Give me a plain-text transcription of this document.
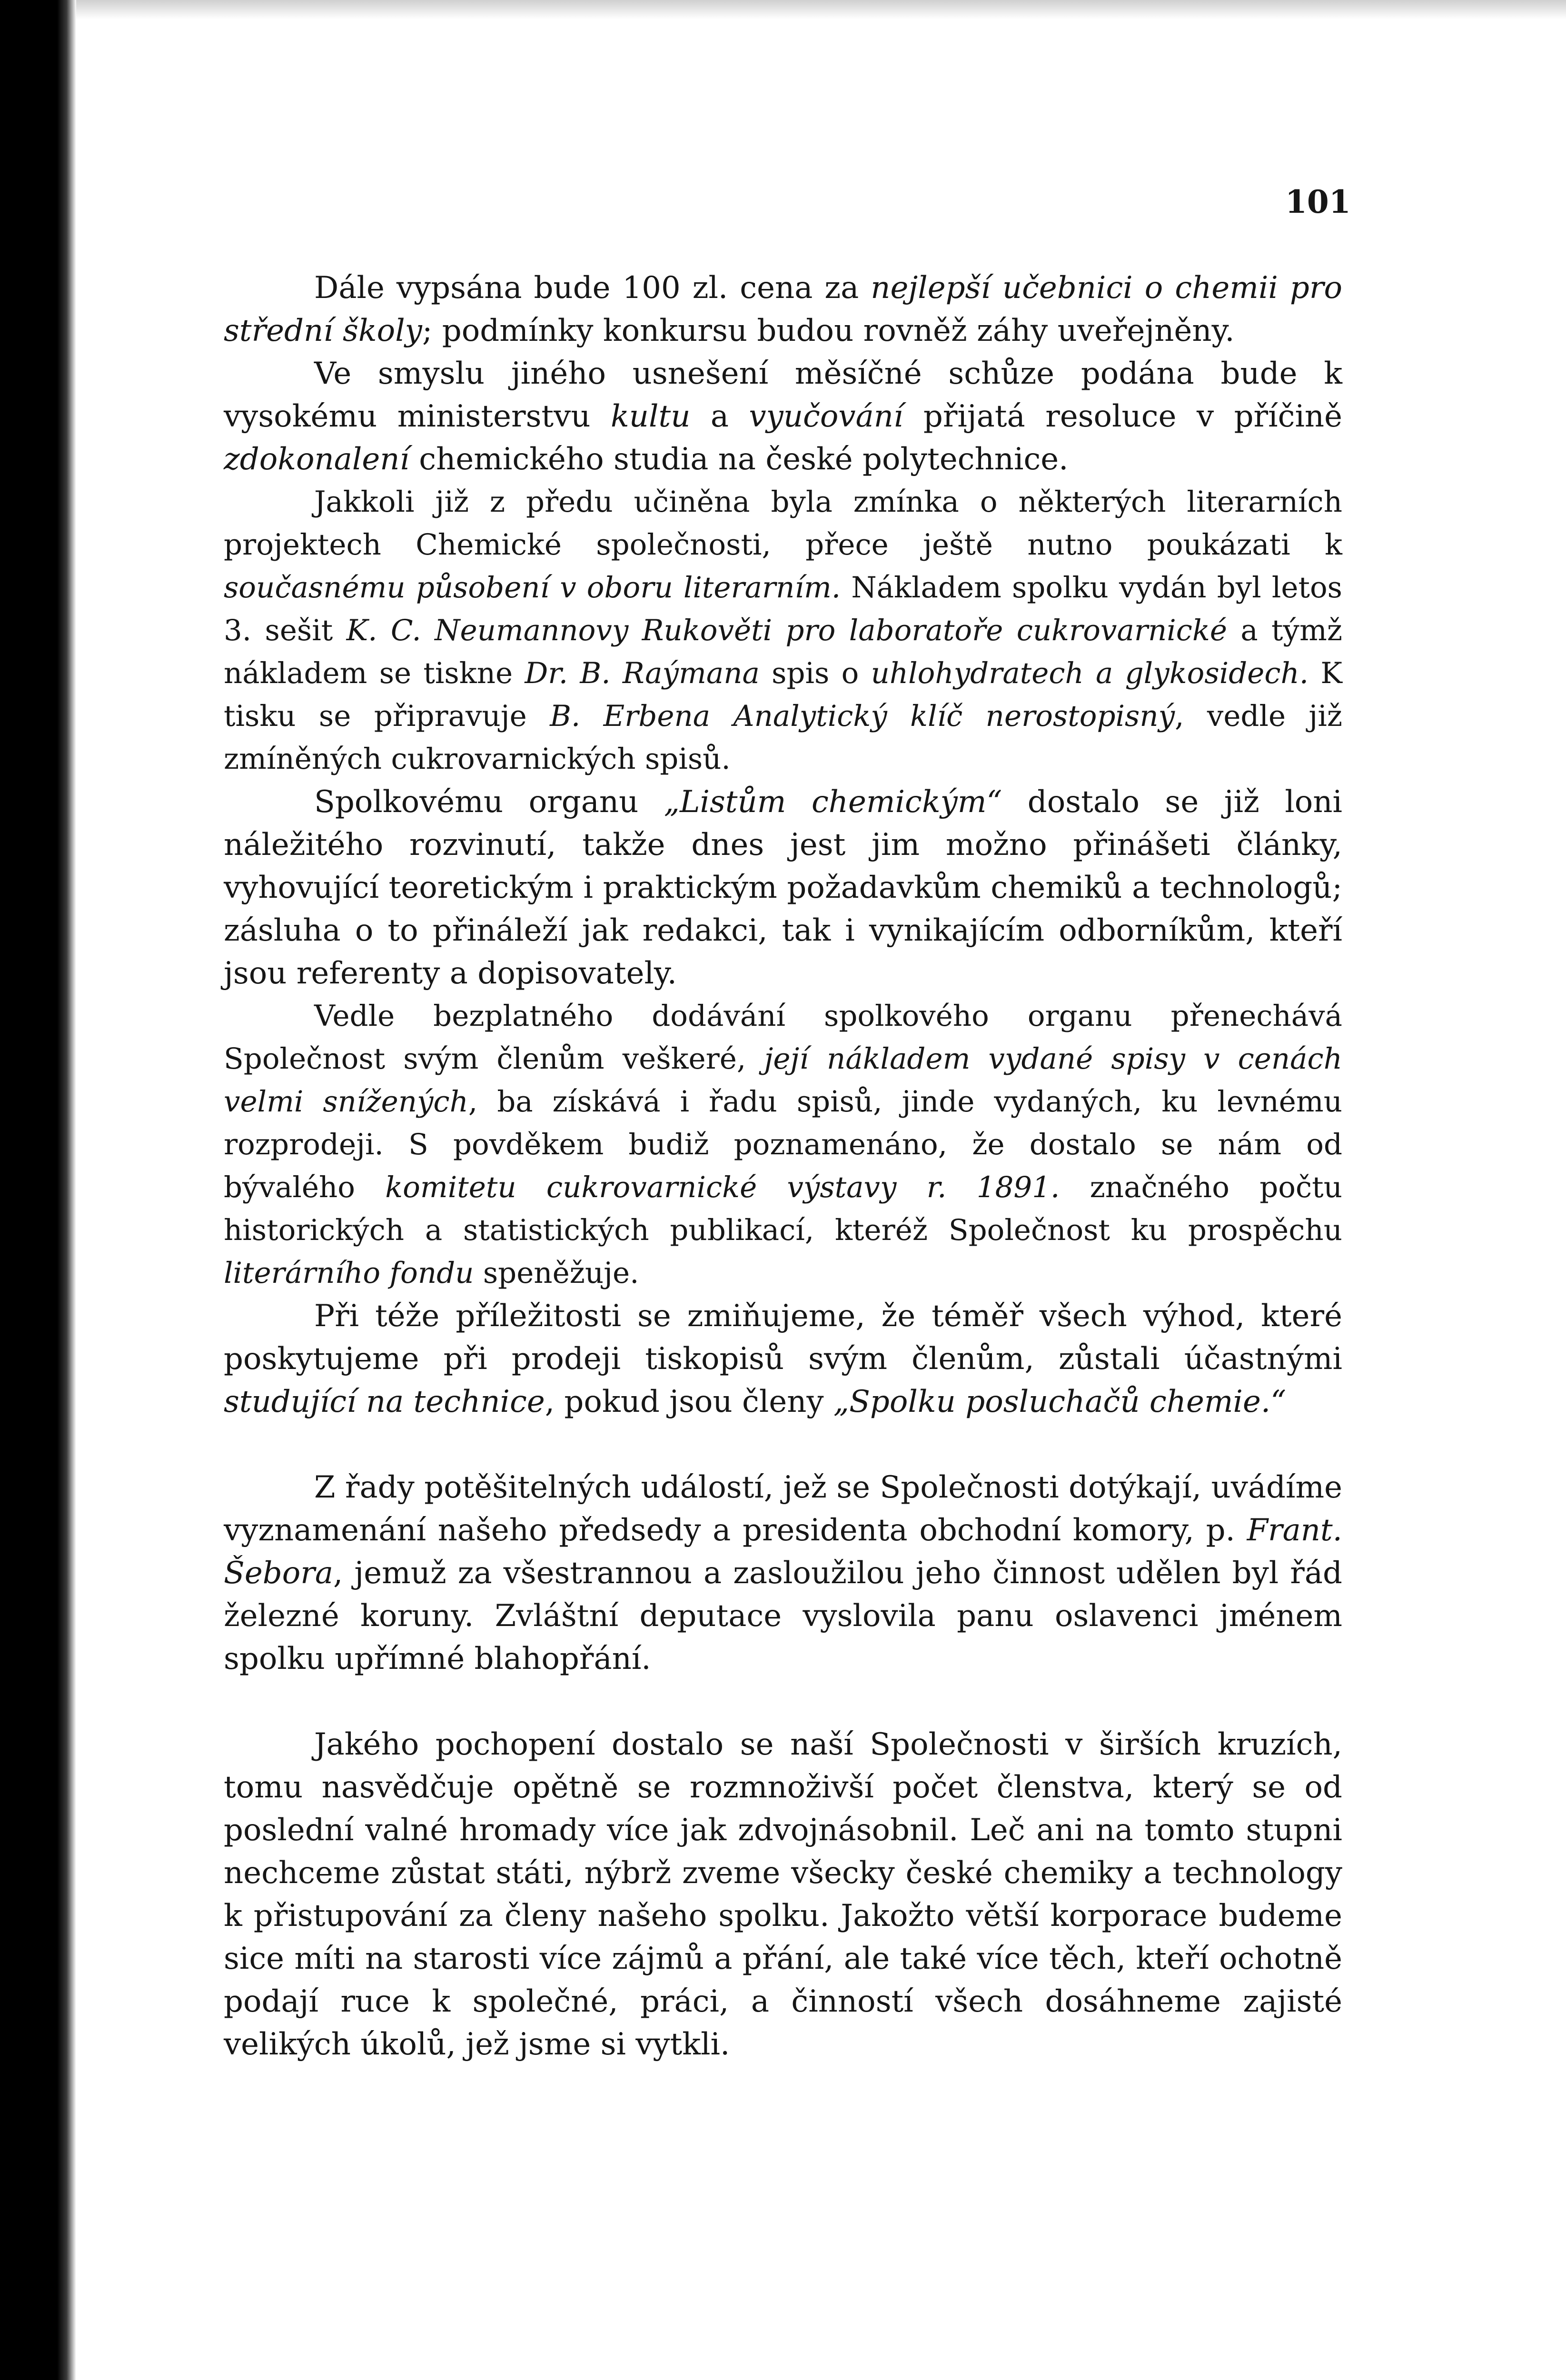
101

Dále vypsána bude 100 zl. cena za nejlepší učebnici o chemii pro střední školy; podmínky konkursu budou rovněž záhy uveřejněny.

Ve smyslu jiného usnešení měsíčné schůze podána bude k vysokému ministerstvu kultu a vyučování přijatá resoluce v příčině zdokonalení chemického studia na české polytechnice.

Jakkoli již z předu učiněna byla zmínka o některých literarních projektech Chemické společnosti, přece ještě nutno poukázati k současnému působení v oboru literarním. Nákladem spolku vydán byl letos 3. sešit K. C. Neumannovy Rukověti pro laboratoře cukrovarnické a týmž nákladem se tiskne Dr. B. Raýmana spis o uhlohydratech a glykosidech. K tisku se připravuje B. Erbena Analytický klíč nerostopisný, vedle již zmíněných cukrovarnických spisů.

Spolkovému organu „Listům chemickým“ dostalo se již loni náležitého rozvinutí, takže dnes jest jim možno přinášeti články, vyhovující teoretickým i praktickým požadavkům chemiků a technologů; zásluha o to přináleží jak redakci, tak i vynikajícím odborníkům, kteří jsou referenty a dopisovately.

Vedle bezplatného dodávání spolkového organu přenechává Společnost svým členům veškeré, její nákladem vydané spisy v cenách velmi snížených, ba získává i řadu spisů, jinde vydaných, ku levnému rozprodeji. S povděkem budiž poznamenáno, že dostalo se nám od bývalého komitetu cukrovarnické výstavy r. 1891. značného počtu historických a statistických publikací, kteréž Společnost ku prospěchu literárního fondu speněžuje.

Při téže příležitosti se zmiňujeme, že téměř všech výhod, které poskytujeme při prodeji tiskopisů svým členům, zůstali účastnými studující na technice, pokud jsou členy „Spolku posluchačů chemie.“

Z řady potěšitelných událostí, jež se Společnosti dotýkají, uvádíme vyznamenání našeho předsedy a presidenta obchodní komory, p. Frant. Šebora, jemuž za všestrannou a zasloužilou jeho činnost udělen byl řád železné koruny. Zvláštní deputace vyslovila panu oslavenci jménem spolku upřímné blahopřání.

Jakého pochopení dostalo se naší Společnosti v širších kruzích, tomu nasvědčuje opětně se rozmnoživší počet členstva, který se od poslední valné hromady více jak zdvojnásobnil. Leč ani na tomto stupni nechceme zůstat státi, nýbrž zveme všecky české chemiky a technology k přistupování za členy našeho spolku. Jakožto větší korporace budeme sice míti na starosti více zájmů a přání, ale také více těch, kteří ochotně podají ruce k společné, práci, a činností všech dosáhneme zajisté velikých úkolů, jež jsme si vytkli.
